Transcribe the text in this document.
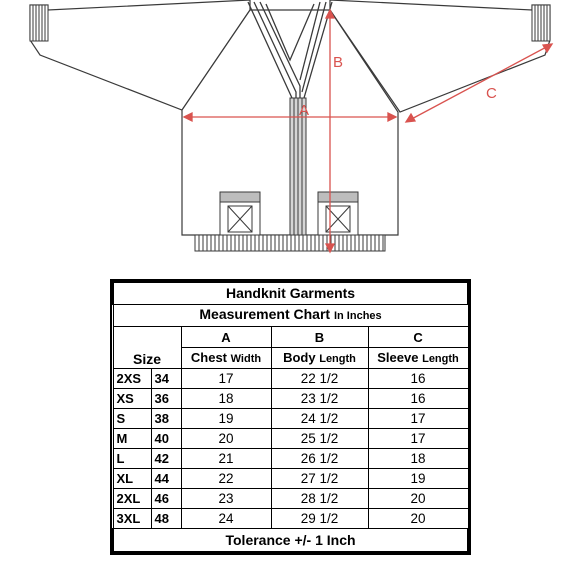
A
B
C
Handknit Garments				
Measurement Chart In Inches				
Size		A	B	C
		Chest Width	Body Length	Sleeve Length
2XS	34	17	22 1/2	16
XS	36	18	23 1/2	16
S	38	19	24 1/2	17
M	40	20	25 1/2	17
L	42	21	26 1/2	18
XL	44	22	27 1/2	19
2XL	46	23	28 1/2	20
3XL	48	24	29 1/2	20
Tolerance +/- 1 Inch				
